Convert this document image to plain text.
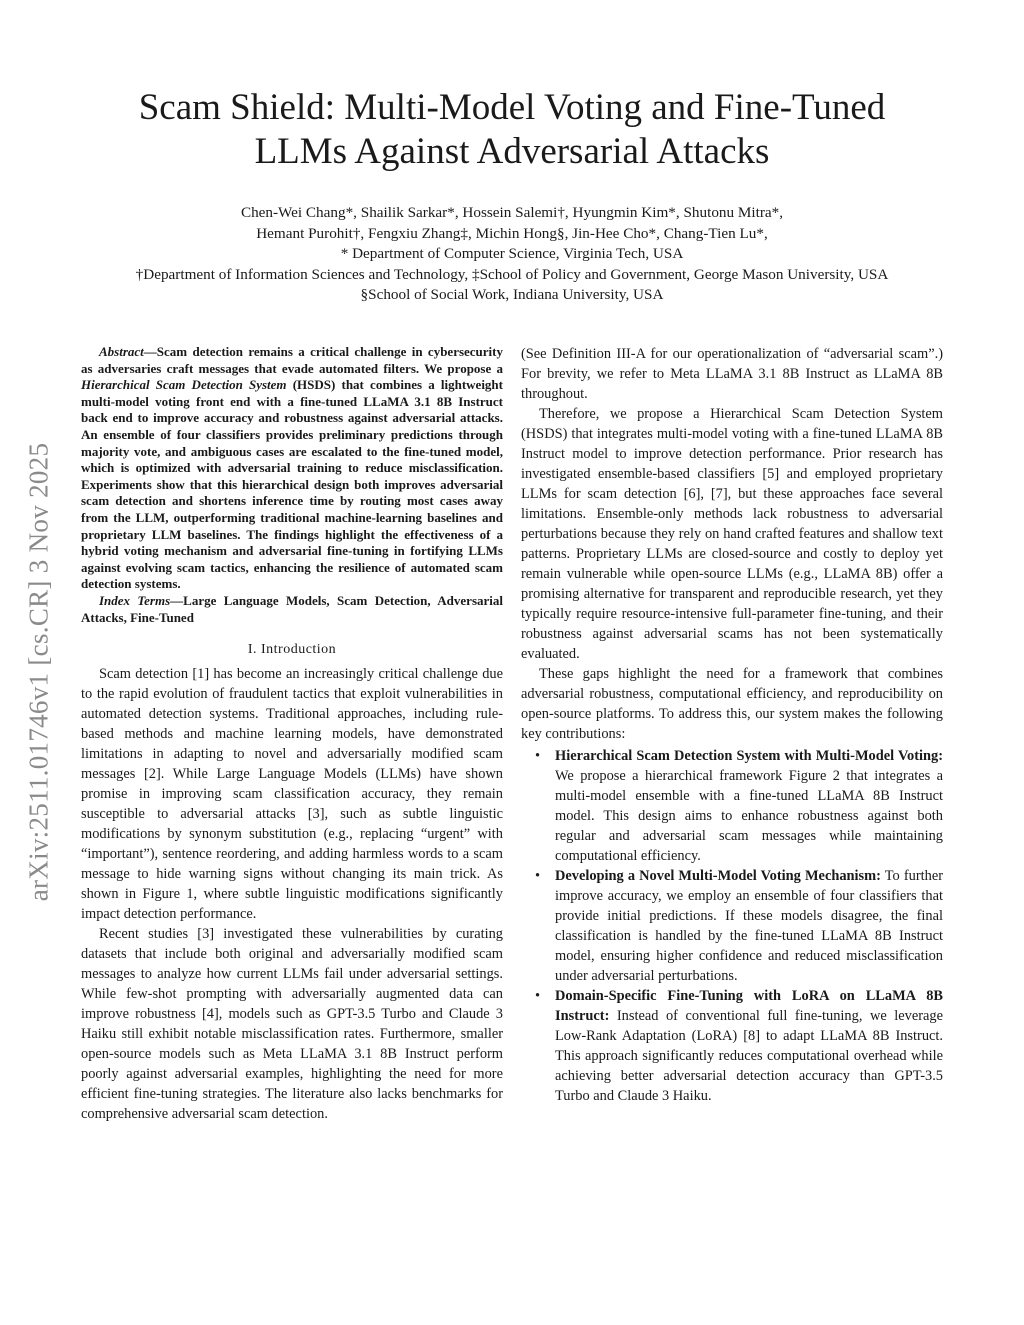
arXiv:2511.01746v1 [cs.CR] 3 Nov 2025
Scam Shield: Multi-Model Voting and Fine-Tuned
LLMs Against Adversarial Attacks
Chen-Wei Chang*, Shailik Sarkar*, Hossein Salemi†, Hyungmin Kim*, Shutonu Mitra*,
Hemant Purohit†, Fengxiu Zhang‡, Michin Hong§, Jin-Hee Cho*, Chang-Tien Lu*,
* Department of Computer Science, Virginia Tech, USA
†Department of Information Sciences and Technology, ‡School of Policy and Government, George Mason University, USA
§School of Social Work, Indiana University, USA

Abstract—Scam detection remains a critical challenge in cybersecurity as adversaries craft messages that evade automated filters. We propose a Hierarchical Scam Detection System (HSDS) that combines a lightweight multi-model voting front end with a fine-tuned LLaMA 3.1 8B Instruct back end to improve accuracy and robustness against adversarial attacks. An ensemble of four classifiers provides preliminary predictions through majority vote, and ambiguous cases are escalated to the fine-tuned model, which is optimized with adversarial training to reduce misclassification. Experiments show that this hierarchical design both improves adversarial scam detection and shortens inference time by routing most cases away from the LLM, outperforming traditional machine-learning baselines and proprietary LLM baselines. The findings highlight the effectiveness of a hybrid voting mechanism and adversarial fine-tuning in fortifying LLMs against evolving scam tactics, enhancing the resilience of automated scam detection systems.

Index Terms—Large Language Models, Scam Detection, Adversarial Attacks, Fine-Tuned

I. Introduction

Scam detection [1] has become an increasingly critical challenge due to the rapid evolution of fraudulent tactics that exploit vulnerabilities in automated detection systems. Traditional approaches, including rule-based methods and machine learning models, have demonstrated limitations in adapting to novel and adversarially modified scam messages [2]. While Large Language Models (LLMs) have shown promise in improving scam classification accuracy, they remain susceptible to adversarial attacks [3], such as subtle linguistic modifications by synonym substitution (e.g., replacing “urgent” with “important”), sentence reordering, and adding harmless words to a scam message to hide warning signs without changing its main trick. As shown in Figure 1, where subtle linguistic modifications significantly impact detection performance.

Recent studies [3] investigated these vulnerabilities by curating datasets that include both original and adversarially modified scam messages to analyze how current LLMs fail under adversarial settings. While few-shot prompting with adversarially augmented data can improve robustness [4], models such as GPT-3.5 Turbo and Claude 3 Haiku still exhibit notable misclassification rates. Furthermore, smaller open-source models such as Meta LLaMA 3.1 8B Instruct perform poorly against adversarial examples, highlighting the need for more efficient fine-tuning strategies. The literature also lacks benchmarks for comprehensive adversarial scam detection.

(See Definition III-A for our operationalization of “adversarial scam”.) For brevity, we refer to Meta LLaMA 3.1 8B Instruct as LLaMA 8B throughout.

Therefore, we propose a Hierarchical Scam Detection System (HSDS) that integrates multi-model voting with a fine-tuned LLaMA 8B Instruct model to improve detection performance. Prior research has investigated ensemble-based classifiers [5] and employed proprietary LLMs for scam detection [6], [7], but these approaches face several limitations. Ensemble-only methods lack robustness to adversarial perturbations because they rely on hand crafted features and shallow text patterns. Proprietary LLMs are closed-source and costly to deploy yet remain vulnerable while open-source LLMs (e.g., LLaMA 8B) offer a promising alternative for transparent and reproducible research, yet they typically require resource-intensive full-parameter fine-tuning, and their robustness against adversarial scams has not been systematically evaluated.

These gaps highlight the need for a framework that combines adversarial robustness, computational efficiency, and reproducibility on open-source platforms. To address this, our system makes the following key contributions:

• Hierarchical Scam Detection System with Multi-Model Voting: We propose a hierarchical framework Figure 2 that integrates a multi-model ensemble with a fine-tuned LLaMA 8B Instruct model. This design aims to enhance robustness against both regular and adversarial scam messages while maintaining computational efficiency.
• Developing a Novel Multi-Model Voting Mechanism: To further improve accuracy, we employ an ensemble of four classifiers that provide initial predictions. If these models disagree, the final classification is handled by the fine-tuned LLaMA 8B Instruct model, ensuring higher confidence and reduced misclassification under adversarial perturbations.
• Domain-Specific Fine-Tuning with LoRA on LLaMA 8B Instruct: Instead of conventional full fine-tuning, we leverage Low-Rank Adaptation (LoRA) [8] to adapt LLaMA 8B Instruct. This approach significantly reduces computational overhead while achieving better adversarial detection accuracy than GPT-3.5 Turbo and Claude 3 Haiku.
